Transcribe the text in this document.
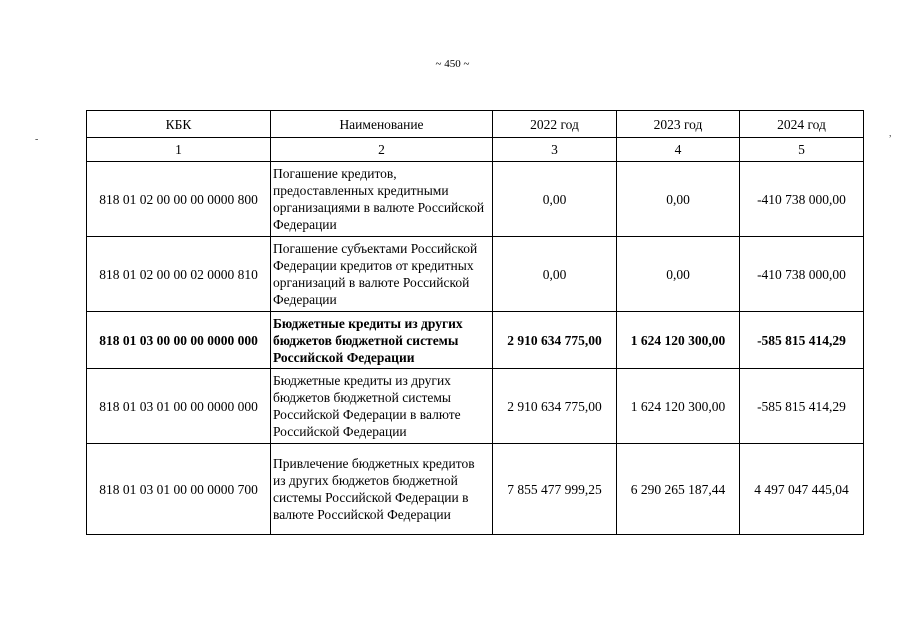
~ 450 ~
-
,
КБК	Наименование	2022 год	2023 год	2024 год
1	2	3	4	5
818 01 02 00 00 00 0000 800	Погашение кредитов, предоставленных кредитными организациями в валюте Российской Федерации	0,00	0,00	-410 738 000,00
818 01 02 00 00 02 0000 810	Погашение субъектами Российской Федерации кредитов от кредитных организаций в валюте Российской Федерации	0,00	0,00	-410 738 000,00
818 01 03 00 00 00 0000 000	Бюджетные кредиты из других бюджетов бюджетной системы Российской Федерации	2 910 634 775,00	1 624 120 300,00	-585 815 414,29
818 01 03 01 00 00 0000 000	Бюджетные кредиты из других бюджетов бюджетной системы Российской Федерации в валюте Российской Федерации	2 910 634 775,00	1 624 120 300,00	-585 815 414,29
818 01 03 01 00 00 0000 700	Привлечение бюджетных кредитов из других бюджетов бюджетной системы Российской Федерации в валюте Российской Федерации	7 855 477 999,25	6 290 265 187,44	4 497 047 445,04
